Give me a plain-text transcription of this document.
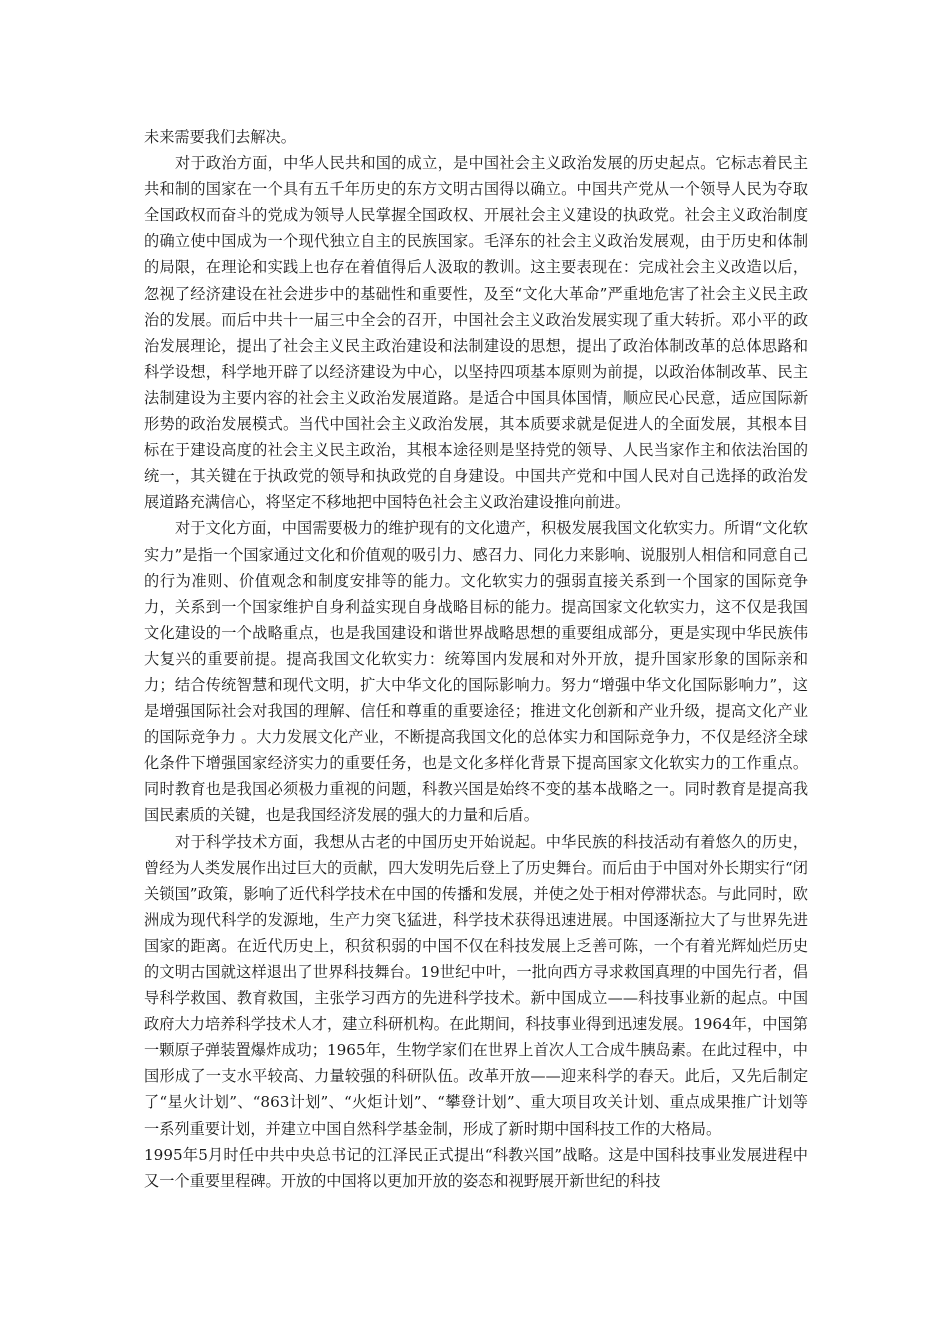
未来需要我们去解决。

对于政治方面，中华人民共和国的成立，是中国社会主义政治发展的历史起点。它标志着民主共和制的国家在一个具有五千年历史的东方文明古国得以确立。中国共产党从一个领导人民为夺取全国政权而奋斗的党成为领导人民掌握全国政权、开展社会主义建设的执政党。社会主义政治制度的确立使中国成为一个现代独立自主的民族国家。毛泽东的社会主义政治发展观，由于历史和体制的局限，在理论和实践上也存在着值得后人汲取的教训。这主要表现在：完成社会主义改造以后，忽视了经济建设在社会进步中的基础性和重要性，及至“文化大革命”严重地危害了社会主义民主政治的发展。而后中共十一届三中全会的召开，中国社会主义政治发展实现了重大转折。邓小平的政治发展理论，提出了社会主义民主政治建设和法制建设的思想，提出了政治体制改革的总体思路和科学设想，科学地开辟了以经济建设为中心，以坚持四项基本原则为前提，以政治体制改革、民主法制建设为主要内容的社会主义政治发展道路。是适合中国具体国情，顺应民心民意，适应国际新形势的政治发展模式。当代中国社会主义政治发展，其本质要求就是促进人的全面发展，其根本目标在于建设高度的社会主义民主政治，其根本途径则是坚持党的领导、人民当家作主和依法治国的统一，其关键在于执政党的领导和执政党的自身建设。中国共产党和中国人民对自己选择的政治发展道路充满信心，将坚定不移地把中国特色社会主义政治建设推向前进。

对于文化方面，中国需要极力的维护现有的文化遗产，积极发展我国文化软实力。所谓“文化软实力”是指一个国家通过文化和价值观的吸引力、感召力、同化力来影响、说服别人相信和同意自己的行为准则、价值观念和制度安排等的能力。文化软实力的强弱直接关系到一个国家的国际竞争力，关系到一个国家维护自身利益实现自身战略目标的能力。提高国家文化软实力，这不仅是我国文化建设的一个战略重点，也是我国建设和谐世界战略思想的重要组成部分，更是实现中华民族伟大复兴的重要前提。提高我国文化软实力：统筹国内发展和对外开放，提升国家形象的国际亲和力；结合传统智慧和现代文明，扩大中华文化的国际影响力。努力“增强中华文化国际影响力”，这是增强国际社会对我国的理解、信任和尊重的重要途径；推进文化创新和产业升级，提高文化产业的国际竞争力 。大力发展文化产业，不断提高我国文化的总体实力和国际竞争力，不仅是经济全球化条件下增强国家经济实力的重要任务，也是文化多样化背景下提高国家文化软实力的工作重点。同时教育也是我国必须极力重视的问题，科教兴国是始终不变的基本战略之一。同时教育是提高我国民素质的关键，也是我国经济发展的强大的力量和后盾。

对于科学技术方面，我想从古老的中国历史开始说起。中华民族的科技活动有着悠久的历史，曾经为人类发展作出过巨大的贡献，四大发明先后登上了历史舞台。而后由于中国对外长期实行“闭关锁国”政策，影响了近代科学技术在中国的传播和发展，并使之处于相对停滞状态。与此同时，欧洲成为现代科学的发源地，生产力突飞猛进，科学技术获得迅速进展。中国逐渐拉大了与世界先进国家的距离。在近代历史上，积贫积弱的中国不仅在科技发展上乏善可陈，一个有着光辉灿烂历史的文明古国就这样退出了世界科技舞台。19世纪中叶，一批向西方寻求救国真理的中国先行者，倡导科学救国、教育救国，主张学习西方的先进科学技术。新中国成立——科技事业新的起点。中国政府大力培养科学技术人才，建立科研机构。在此期间，科技事业得到迅速发展。1964年，中国第一颗原子弹装置爆炸成功；1965年，生物学家们在世界上首次人工合成牛胰岛素。在此过程中，中国形成了一支水平较高、力量较强的科研队伍。改革开放——迎来科学的春天。此后，又先后制定了“星火计划”、“863计划”、“火炬计划”、“攀登计划”、重大项目攻关计划、重点成果推广计划等一系列重要计划，并建立中国自然科学基金制，形成了新时期中国科技工作的大格局。

1995年5月时任中共中央总书记的江泽民正式提出“科教兴国”战略。这是中国科技事业发展进程中又一个重要里程碑。开放的中国将以更加开放的姿态和视野展开新世纪的科技
